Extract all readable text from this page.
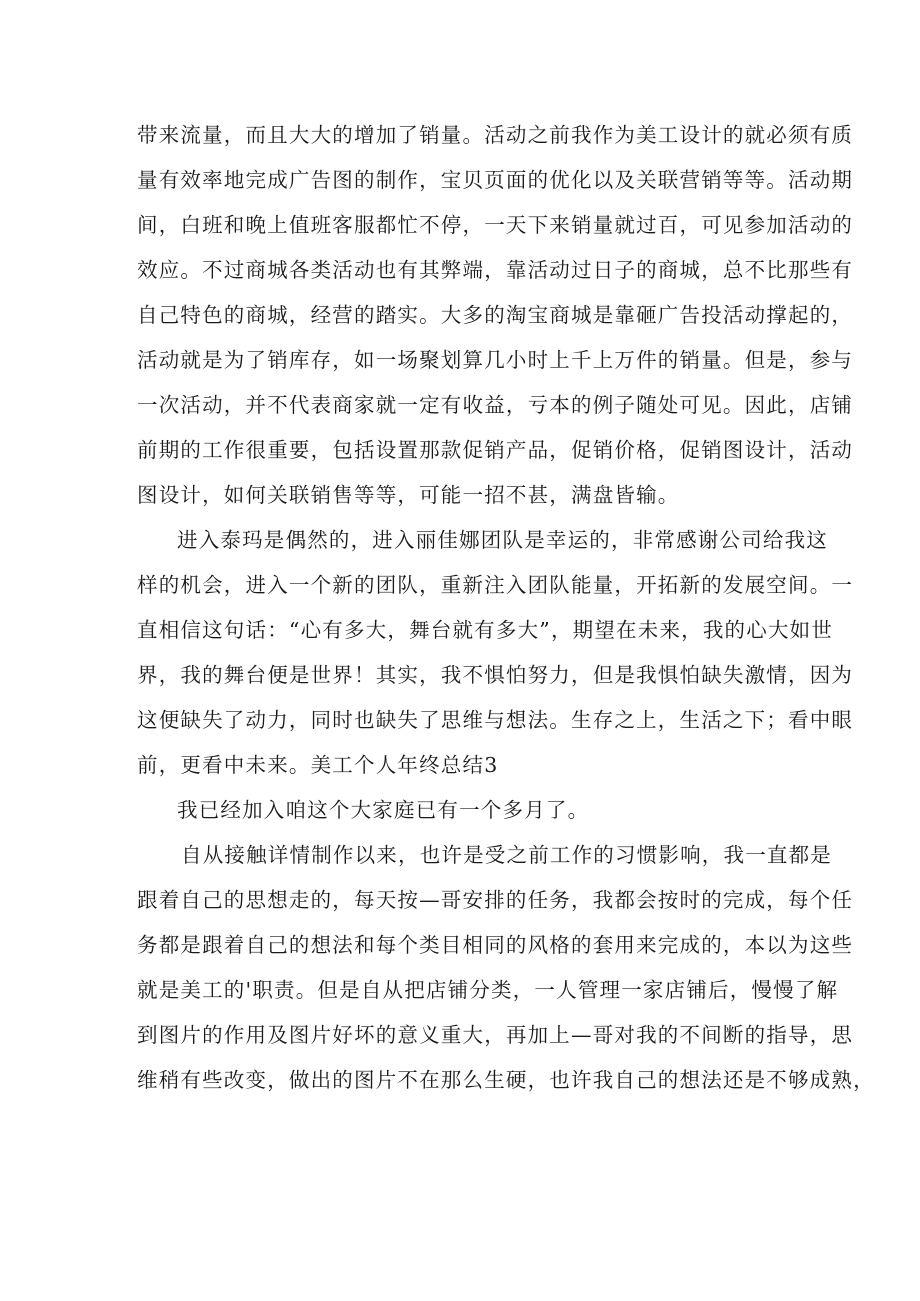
带来流量，而且大大的增加了销量。活动之前我作为美工设计的就必须有质
量有效率地完成广告图的制作，宝贝页面的优化以及关联营销等等。活动期
间，白班和晚上值班客服都忙不停，一天下来销量就过百，可见参加活动的
效应。不过商城各类活动也有其弊端，靠活动过日子的商城，总不比那些有
自己特色的商城，经营的踏实。大多的淘宝商城是靠砸广告投活动撑起的，
活动就是为了销库存，如一场聚划算几小时上千上万件的销量。但是，参与
一次活动，并不代表商家就一定有收益，亏本的例子随处可见。因此，店铺
前期的工作很重要，包括设置那款促销产品，促销价格，促销图设计，活动
图设计，如何关联销售等等，可能一招不甚，满盘皆输。
进入泰玛是偶然的，进入丽佳娜团队是幸运的，非常感谢公司给我这
样的机会，进入一个新的团队，重新注入团队能量，开拓新的发展空间。一
直相信这句话：“心有多大，舞台就有多大”，期望在未来，我的心大如世
界，我的舞台便是世界！其实，我不惧怕努力，但是我惧怕缺失激情，因为
这便缺失了动力，同时也缺失了思维与想法。生存之上，生活之下；看中眼
前，更看中未来。美工个人年终总结3
我已经加入咱这个大家庭已有一个多月了。
自从接触详情制作以来，也许是受之前工作的习惯影响，我一直都是
跟着自己的思想走的，每天按—哥安排的任务，我都会按时的完成，每个任
务都是跟着自己的想法和每个类目相同的风格的套用来完成的，本以为这些
就是美工的'职责。但是自从把店铺分类，一人管理一家店铺后，慢慢了解
到图片的作用及图片好坏的意义重大，再加上—哥对我的不间断的指导，思
维稍有些改变，做出的图片不在那么生硬，也许我自己的想法还是不够成熟，
